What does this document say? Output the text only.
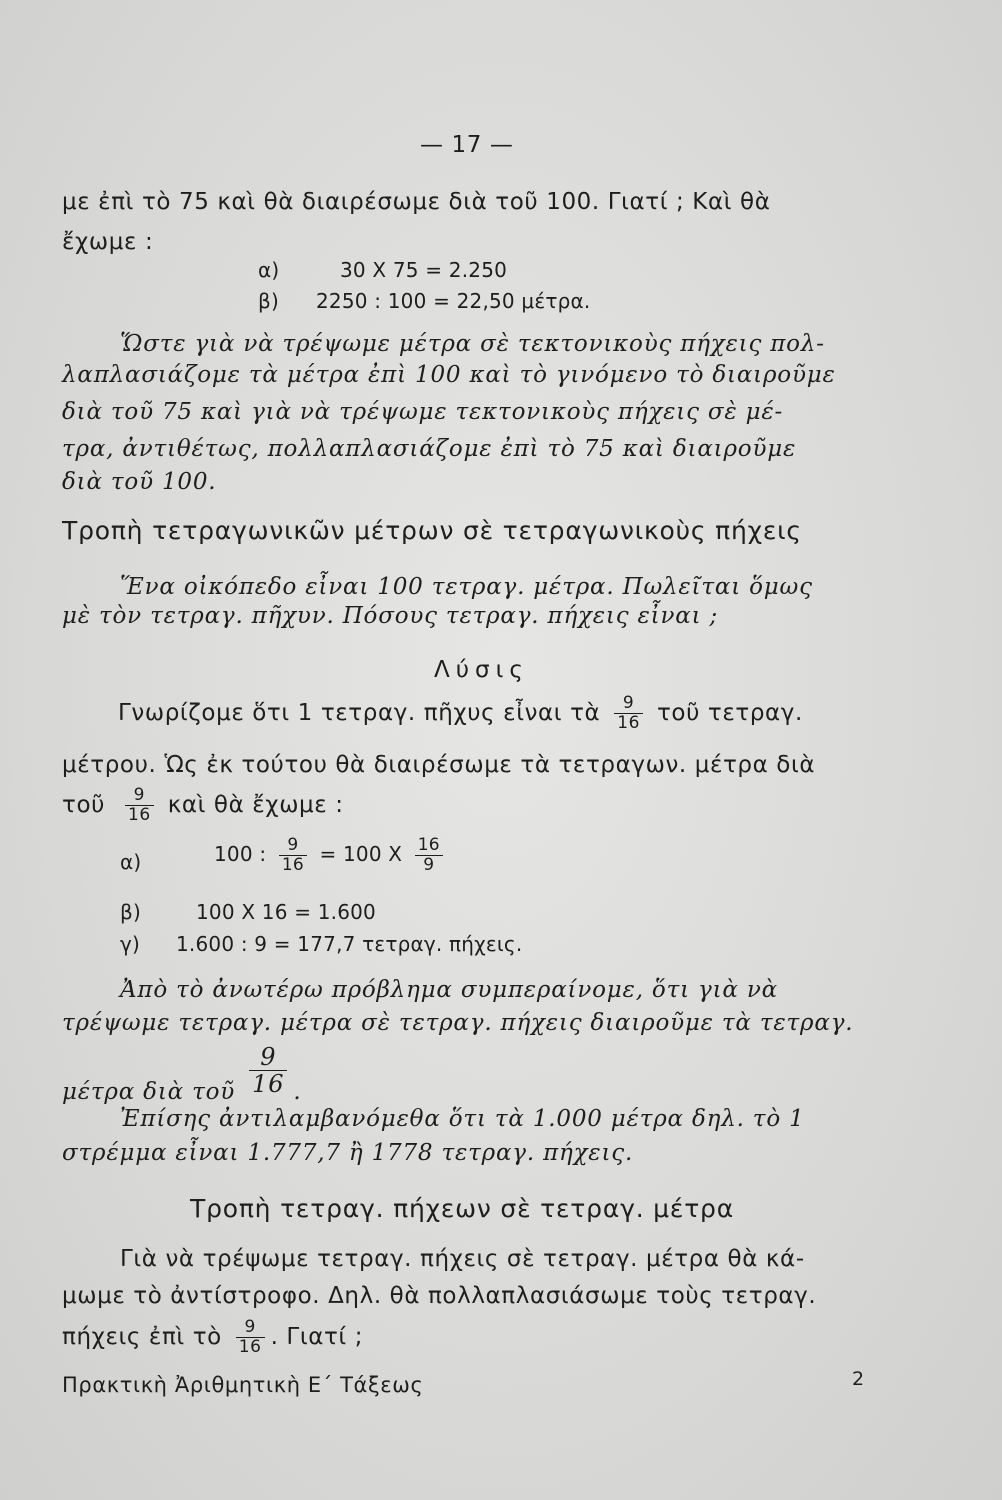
— 17 —
με ἐπὶ τὸ 75 καὶ θὰ διαιρέσωμε διὰ τοῦ 100. Γιατί ; Καὶ θὰ
ἔχωμε :
α)	30 X 75 = 2.250
β) 2250 : 100 = 22,50 μέτρα.
Ὥστε γιὰ νὰ τρέψωμε μέτρα σὲ τεκτονικοὺς πήχεις πολ-
λαπλασιάζομε τὰ μέτρα ἐπὶ 100 καὶ τὸ γινόμενο τὸ διαιροῦμε
διὰ τοῦ 75 καὶ γιὰ νὰ τρέψωμε τεκτονικοὺς πήχεις σὲ μέ-
τρα, ἀντιθέτως, πολλαπλασιάζομε ἐπὶ τὸ 75 καὶ διαιροῦμε
διὰ τοῦ 100.
Τροπὴ τετραγωνικῶν μέτρων σὲ τετραγωνικοὺς πήχεις
Ἕνα οἰκόπεδο εἶναι 100 τετραγ. μέτρα. Πωλεῖται ὅμως
μὲ τὸν τετραγ. πῆχυν. Πόσους τετραγ. πήχεις εἶναι ;
Λύσις
Γνωρίζομε ὅτι 1 τετραγ. πῆχυς εἶναι τὰ $\frac{9}{16}$ τοῦ τετραγ.
μέτρου. Ὡς ἐκ τούτου θὰ διαιρέσωμε τὰ τετραγων. μέτρα διὰ
τοῦ $\frac{9}{16}$ καὶ θὰ ἔχωμε :
α)	100 : $\frac{9}{16} = 100$ X $\frac{16}{9}$
β)	100 X 16 = 1.600
γ) 1.600 : 9 = 177,7 τετραγ. πήχεις.
Ἀπὸ τὸ ἀνωτέρω πρόβλημα συμπεραίνομε, ὅτι γιὰ νὰ
τρέψωμε τετραγ. μέτρα σὲ τετραγ. πήχεις διαιροῦμε τὰ τετραγ.
μέτρα διὰ τοῦ $\frac{9}{16}$ .
Ἐπίσης ἀντιλαμβανόμεθα ὅτι τὰ 1.000 μέτρα δηλ. τὸ 1
στρέμμα εἶναι 1.777,7 ἢ 1778 τετραγ. πήχεις.
Τροπὴ τετραγ. πήχεων σὲ τετραγ. μέτρα
Γιὰ νὰ τρέψωμε τετραγ. πήχεις σὲ τετραγ. μέτρα θὰ κά-
μωμε τὸ ἀντίστροφο. Δηλ. θὰ πολλαπλασιάσωμε τοὺς τετραγ.
πήχεις ἐπὶ τὸ $\frac{9}{16}$ . Γιατί ;
Πρακτικὴ Ἀριθμητικὴ Ε΄ Τάξεως	2
